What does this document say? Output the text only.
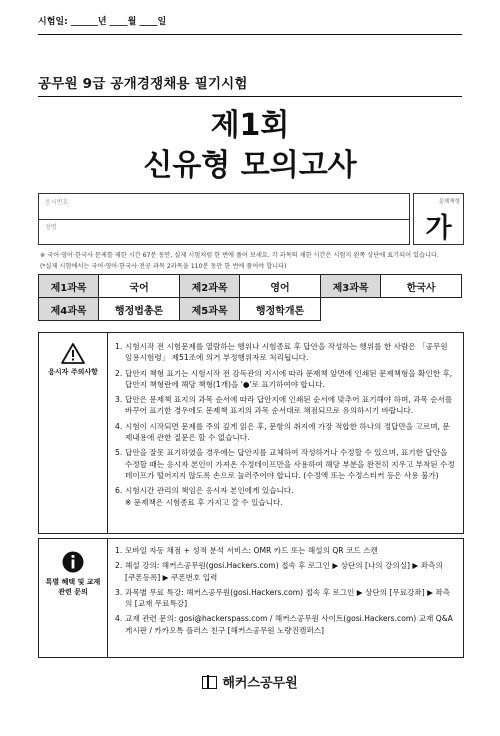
시험일: ______년 ____월 ____일
공무원 9급 공개경쟁채용 필기시험
제1회
신유형 모의고사
응시번호
성명
문제책형
가
※ 국어·영어·한국사 문제를 제한 시간 67분 동안, 실제 시험처럼 한 번에 풀어 보세요. 각 과목의 제한 시간은 시험지 왼쪽 상단에 표기되어 있습니다.
(*실제 시험에서는 국어·영어·한국사·전공 과목 2과목을 110분 동안 한 번에 풀어야 합니다)
제1과목	국어	제2과목	영어	제3과목	한국사
제4과목	행정법총론	제5과목	행정학개론		
응시자 주의사항
1. 시험시작 전 시험문제를 열람하는 행위나 시험종료 후 답안을 작성하는 행위를 한 사람은 「공무원 임용시험령」 제51조에 의거 부정행위자로 처리됩니다.
2. 답안지 책형 표기는 시험시작 전 감독관의 지시에 따라 문제책 앞면에 인쇄된 문제책형을 확인한 후, 답안지 책형란에 해당 책형(1개)을 '●'로 표기하여야 합니다.
3. 답안은 문제책 표지의 과목 순서에 따라 답안지에 인쇄된 순서에 맞추어 표기해야 하며, 과목 순서를 바꾸어 표기한 경우에도 문제책 표지의 과목 순서대로 채점되므로 유의하시기 바랍니다.
4. 시험이 시작되면 문제를 주의 깊게 읽은 후, 문항의 취지에 가장 적합한 하나의 정답만을 고르며, 문제내용에 관한 질문은 할 수 없습니다.
5. 답안을 잘못 표기하였을 경우에는 답안지를 교체하여 작성하거나 수정할 수 있으며, 표기한 답안을 수정할 때는 응시자 본인이 가져온 수정테이프만을 사용하여 해당 부분을 완전히 지우고 부착된 수정테이프가 떨어지지 않도록 손으로 눌러주어야 합니다. (수정액 또는 수정스티커 등은 사용 불가)
6. 시험시간 관리의 책임은 응시자 본인에게 있습니다.
※ 문제책은 시험종료 후 가지고 갈 수 있습니다.
특별 혜택 및 교재 관련 문의
1. 모바일 자동 채점 + 성적 분석 서비스: OMR 카드 또는 해설의 QR 코드 스캔
2. 해설 강의: 해커스공무원(gosi.Hackers.com) 접속 후 로그인 ▶ 상단의 [나의 강의실] ▶ 좌측의 [쿠폰등록] ▶ 쿠폰번호 입력
3. 과목별 무료 특강: 해커스공무원(gosi.Hackers.com) 접속 후 로그인 ▶ 상단의 [무료강좌] ▶ 좌측의 [교재 무료특강]
4. 교재 관련 문의: gosi@hackerspass.com / 해커스공무원 사이트(gosi.Hackers.com) 교재 Q&A 게시판 / 카카오톡 플러스 친구 [해커스공무원 노량진캠퍼스]
해커스공무원
